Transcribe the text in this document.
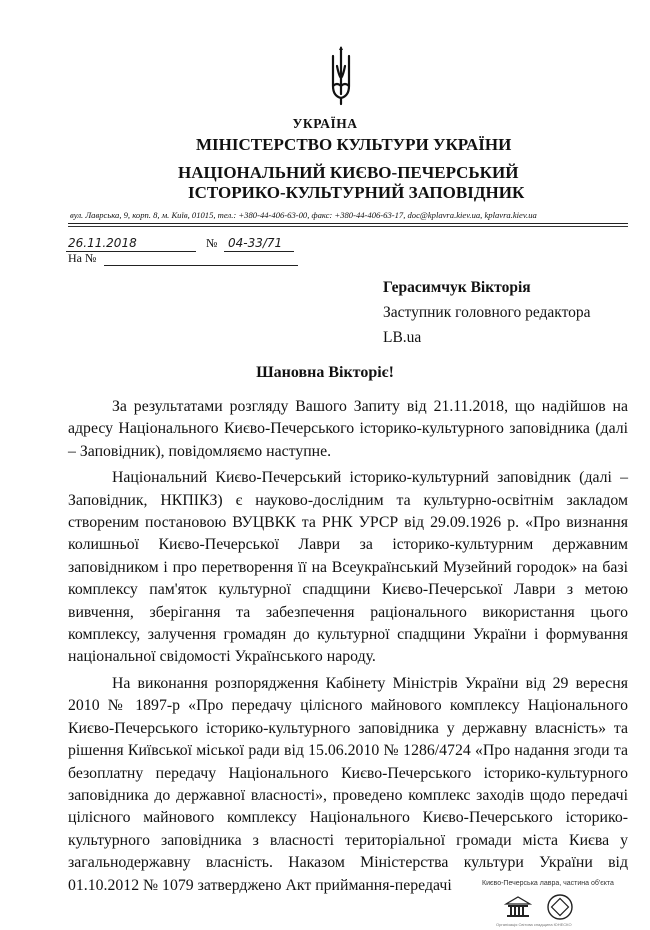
УКРАЇНА
МІНІСТЕРСТВО КУЛЬТУРИ УКРАЇНИ
НАЦІОНАЛЬНИЙ КИЄВО-ПЕЧЕРСЬКИЙ
ІСТОРИКО-КУЛЬТУРНИЙ ЗАПОВІДНИК
вул. Лаврська, 9, корп. 8, м. Київ, 01015, тел.: +380-44-406-63-00, факс: +380-44-406-63-17, doc@kplavra.kiev.ua, kplavra.kiev.ua
26.11.2018	№ 04-33/71
На №
Герасимчук Вікторія
Заступник головного редактора
LB.ua
Шановна Вікторіє!

За результатами розгляду Вашого Запиту від 21.11.2018, що надійшов на адресу Національного Києво-Печерського історико-культурного заповідника (далі – Заповідник), повідомляємо наступне.

Національний Києво-Печерський історико-культурний заповідник (далі – Заповідник, НКПІКЗ) є науково-дослідним та культурно-освітнім закладом створеним постановою ВУЦВКК та РНК УРСР від 29.09.1926 р. «Про визнання колишньої Києво-Печерської Лаври за історико-культурним державним заповідником і про перетворення її на Всеукраїнський Музейний городок» на базі комплексу пам'яток культурної спадщини Києво-Печерської Лаври з метою вивчення, зберігання та забезпечення раціонального використання цього комплексу, залучення громадян до культурної спадщини України і формування національної свідомості Українського народу.

На виконання розпорядження Кабінету Міністрів України від 29 вересня 2010 № 1897-р «Про передачу цілісного майнового комплексу Національного Києво-Печерського історико-культурного заповідника у державну власність» та рішення Київської міської ради від 15.06.2010 № 1286/4724 «Про надання згоди та безоплатну передачу Національного Києво-Печерського історико-культурного заповідника до державної власності», проведено комплекс заходів щодо передачі цілісного майнового комплексу Національного Києво-Печерського історико-культурного заповідника з власності територіальної громади міста Києва у загальнодержавну власність. Наказом Міністерства культури України від 01.10.2012 № 1079 затверджено Акт приймання-передачі	Києво-Печерська лавра, частина об'єкта
Організація Світова спадщина ЮНЕСКО
